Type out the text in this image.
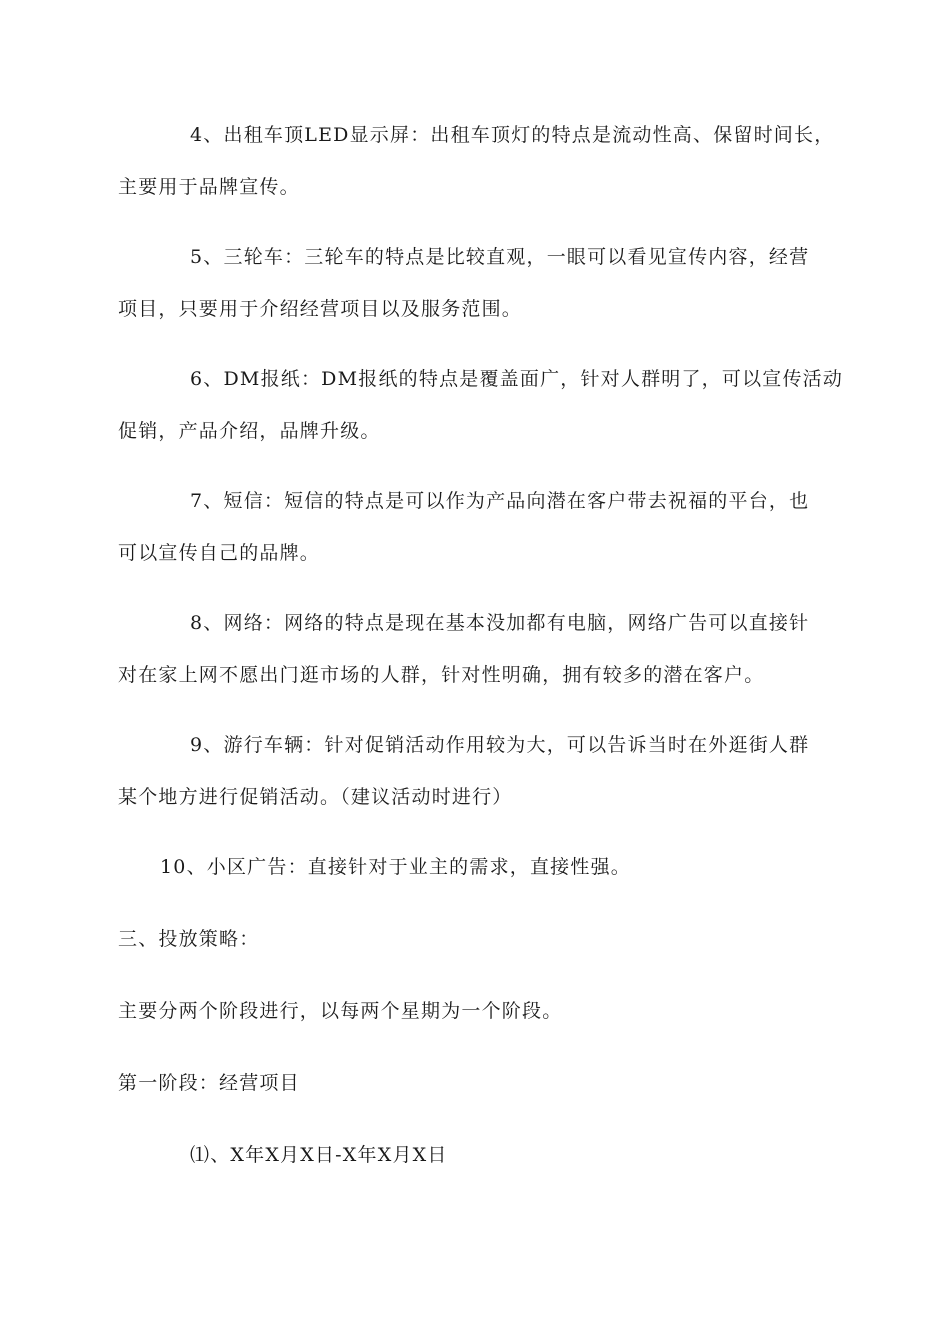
4、出租车顶LED显示屏：出租车顶灯的特点是流动性高、保留时间长，
主要用于品牌宣传。
5、三轮车：三轮车的特点是比较直观，一眼可以看见宣传内容，经营
项目，只要用于介绍经营项目以及服务范围。
6、DM报纸：DM报纸的特点是覆盖面广，针对人群明了，可以宣传活动
促销，产品介绍，品牌升级。
7、短信：短信的特点是可以作为产品向潜在客户带去祝福的平台，也
可以宣传自己的品牌。
8、网络：网络的特点是现在基本没加都有电脑，网络广告可以直接针
对在家上网不愿出门逛市场的人群，针对性明确，拥有较多的潜在客户。
9、游行车辆：针对促销活动作用较为大，可以告诉当时在外逛街人群
某个地方进行促销活动。（建议活动时进行）
10、小区广告：直接针对于业主的需求，直接性强。
三、投放策略：
主要分两个阶段进行，以每两个星期为一个阶段。
第一阶段：经营项目
⑴、X年X月X日-X年X月X日
